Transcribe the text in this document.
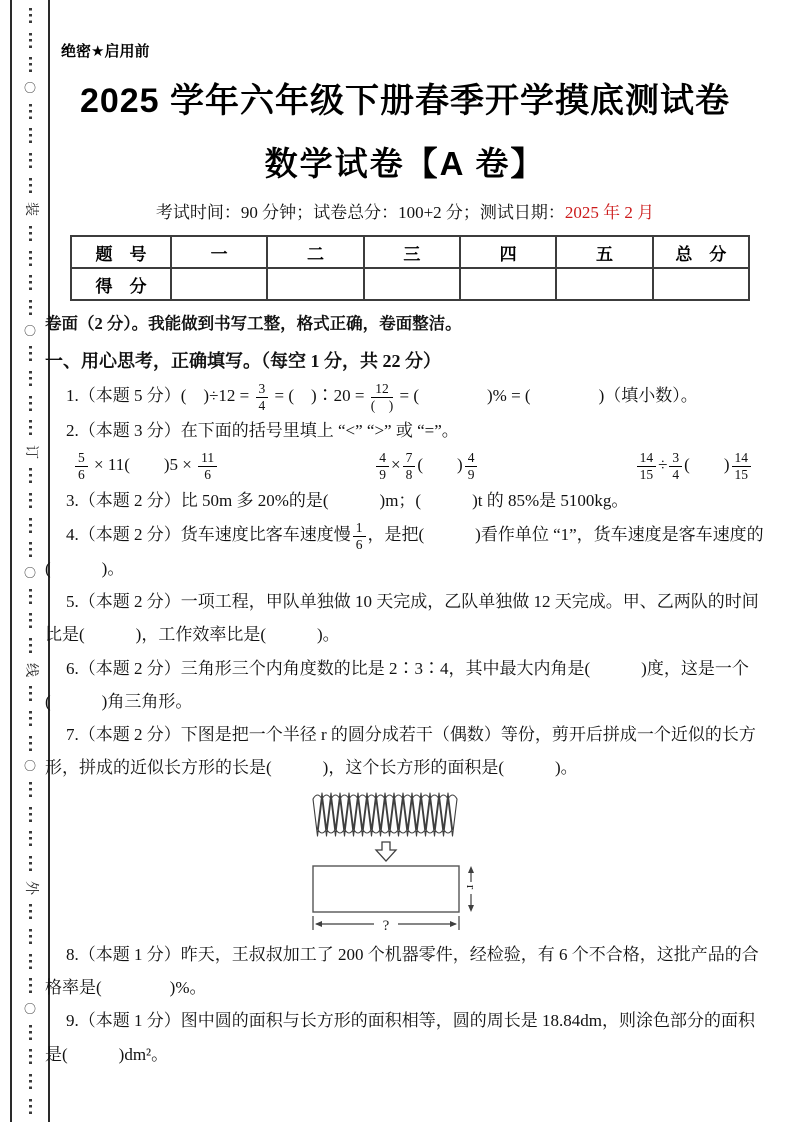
〇
装
〇
订
〇
线
〇
外
〇
绝密★启用前
2025 学年六年级下册春季开学摸底测试卷
数学试卷【A 卷】
考试时间：90 分钟；试卷总分：100+2 分；测试日期：2025 年 2 月
题　号	一	二	三	四	五	总　分
得　分						
卷面（2 分）。我能做到书写工整，格式正确，卷面整洁。
一、用心思考，正确填写。（每空 1 分，共 22 分）
1.（本题 5 分）(　)$\div 12 = \frac{3}{4}$ = (　)∶20 = 12
(　)
= (　　　　)% = (　　　　)（填小数）。
2.（本题 3 分）在下面的括号里填上 “<” “>” 或 “=”。
$\frac{5}{6} \times 11$(　　)$5 \times \frac{11}{6}$	$\frac{4}{9} \times \frac{7}{8}$ (　　) $\frac{4}{9}$	$\frac{14}{15} \div \frac{3}{4}$ (　　) $\frac{14}{15}$
3.（本题 2 分）比 50m 多 20%的是(　　　)m；(　　　)t 的 85%是 5100kg。
4.（本题 2 分）货车速度比客车速度慢 $\frac{1}{6}$ ，是把(　　　)看作单位 “1”，货车速度是客车速度的(　　　)。
5.（本题 2 分）一项工程，甲队单独做 10 天完成，乙队单独做 12 天完成。甲、乙两队的时间比是(　　　)，工作效率比是(　　　)。
6.（本题 2 分）三角形三个内角度数的比是 2∶3∶4，其中最大内角是(　　　)度，这是一个(　　　)角三角形。
7.（本题 2 分）下图是把一个半径 r 的圆分成若干（偶数）等份，剪开后拼成一个近似的长方形，拼成的近似长方形的长是(　　　)，这个长方形的面积是(　　　)。
r
?
8.（本题 1 分）昨天，王叔叔加工了 200 个机器零件，经检验，有 6 个不合格，这批产品的合格率是(　　　　)%。
9.（本题 1 分）图中圆的面积与长方形的面积相等，圆的周长是 18.84dm，则涂色部分的面积是(　　　)dm²。
